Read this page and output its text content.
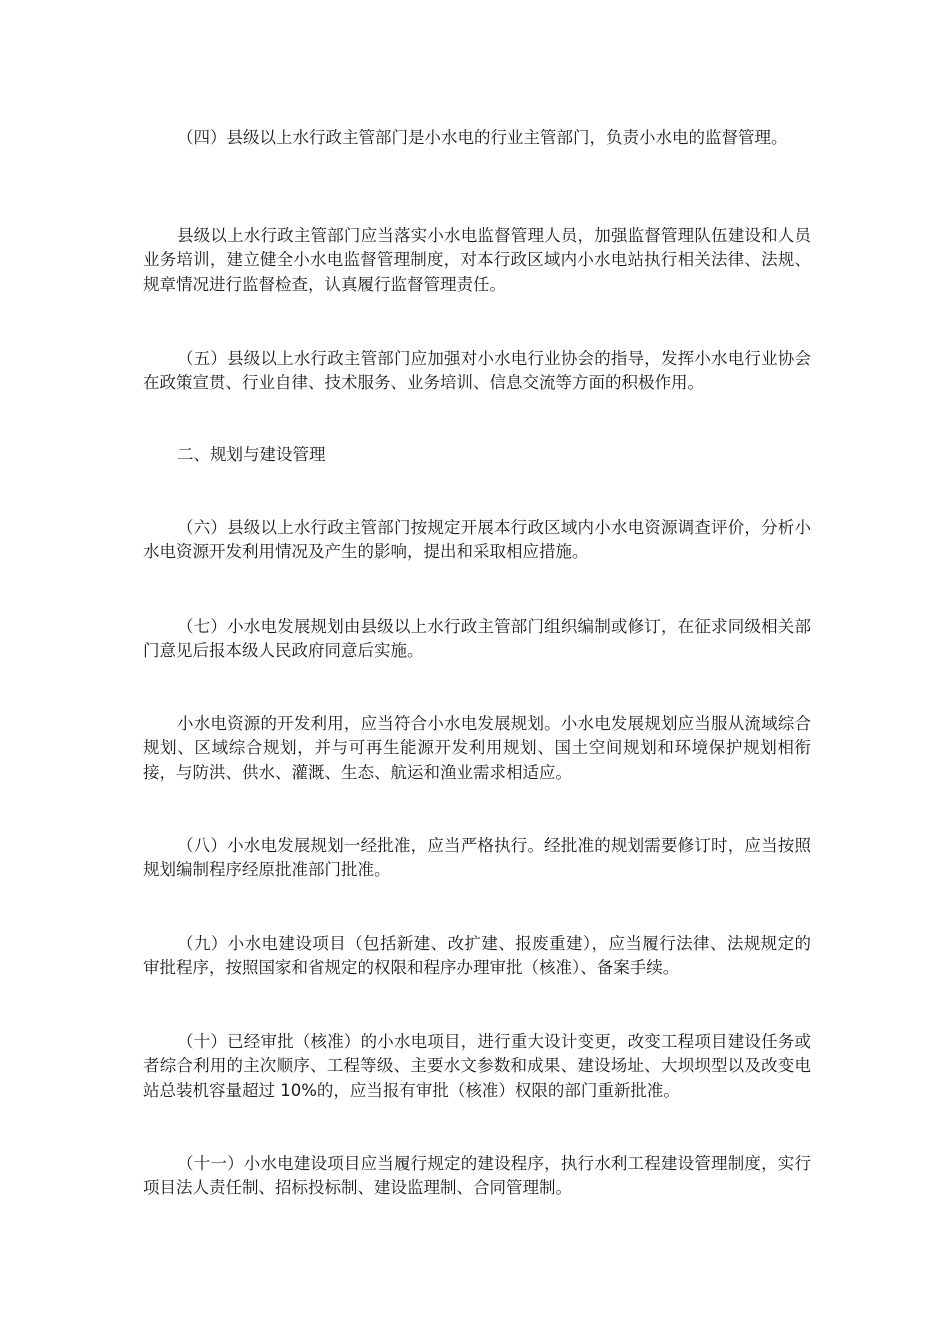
（四）县级以上水行政主管部门是小水电的行业主管部门，负责小水电的监督管理。

县级以上水行政主管部门应当落实小水电监督管理人员，加强监督管理队伍建设和人员业务培训，建立健全小水电监督管理制度，对本行政区域内小水电站执行相关法律、法规、规章情况进行监督检查，认真履行监督管理责任。

（五）县级以上水行政主管部门应加强对小水电行业协会的指导，发挥小水电行业协会在政策宣贯、行业自律、技术服务、业务培训、信息交流等方面的积极作用。

二、规划与建设管理

（六）县级以上水行政主管部门按规定开展本行政区域内小水电资源调查评价，分析小水电资源开发利用情况及产生的影响，提出和采取相应措施。

（七）小水电发展规划由县级以上水行政主管部门组织编制或修订，在征求同级相关部门意见后报本级人民政府同意后实施。

小水电资源的开发利用，应当符合小水电发展规划。小水电发展规划应当服从流域综合规划、区域综合规划，并与可再生能源开发利用规划、国土空间规划和环境保护规划相衔接，与防洪、供水、灌溉、生态、航运和渔业需求相适应。

（八）小水电发展规划一经批准，应当严格执行。经批准的规划需要修订时，应当按照规划编制程序经原批准部门批准。

（九）小水电建设项目（包括新建、改扩建、报废重建），应当履行法律、法规规定的审批程序，按照国家和省规定的权限和程序办理审批（核准）、备案手续。

（十）已经审批（核准）的小水电项目，进行重大设计变更，改变工程项目建设任务或者综合利用的主次顺序、工程等级、主要水文参数和成果、建设场址、大坝坝型以及改变电站总装机容量超过 10%的，应当报有审批（核准）权限的部门重新批准。

（十一）小水电建设项目应当履行规定的建设程序，执行水利工程建设管理制度，实行项目法人责任制、招标投标制、建设监理制、合同管理制。
